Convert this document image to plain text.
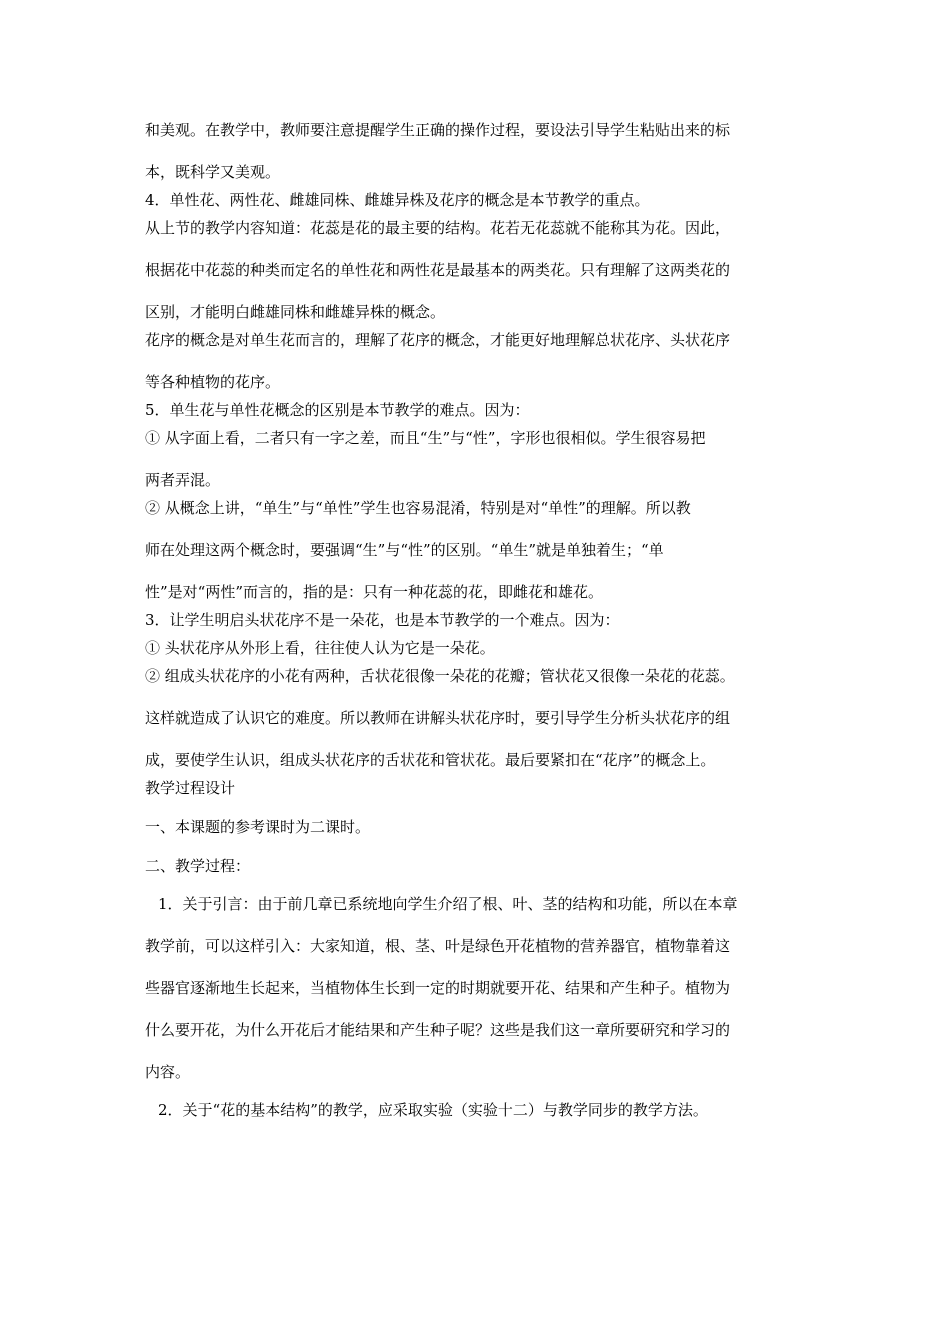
和美观。在教学中，教师要注意提醒学生正确的操作过程，要设法引导学生粘贴出来的标
本，既科学又美观。
4．单性花、两性花、雌雄同株、雌雄异株及花序的概念是本节教学的重点。
从上节的教学内容知道：花蕊是花的最主要的结构。花若无花蕊就不能称其为花。因此，
根据花中花蕊的种类而定名的单性花和两性花是最基本的两类花。只有理解了这两类花的
区别，才能明白雌雄同株和雌雄异株的概念。
花序的概念是对单生花而言的，理解了花序的概念，才能更好地理解总状花序、头状花序
等各种植物的花序。
5．单生花与单性花概念的区别是本节教学的难点。因为：
① 从字面上看，二者只有一字之差，而且“生”与“性”，字形也很相似。学生很容易把
两者弄混。
② 从概念上讲，“单生”与“单性”学生也容易混淆，特别是对“单性”的理解。所以教
师在处理这两个概念时，要强调“生”与“性”的区别。“单生”就是单独着生；“单
性”是对“两性”而言的，指的是：只有一种花蕊的花，即雌花和雄花。
3．让学生明启头状花序不是一朵花，也是本节教学的一个难点。因为：
① 头状花序从外形上看，往往使人认为它是一朵花。
② 组成头状花序的小花有两种，舌状花很像一朵花的花瓣；管状花又很像一朵花的花蕊。
这样就造成了认识它的难度。所以教师在讲解头状花序时，要引导学生分析头状花序的组
成，要使学生认识，组成头状花序的舌状花和管状花。最后要紧扣在“花序”的概念上。
教学过程设计
一、本课题的参考课时为二课时。
二、教学过程：
1．关于引言：由于前几章已系统地向学生介绍了根、叶、茎的结构和功能，所以在本章
教学前，可以这样引入：大家知道，根、茎、叶是绿色开花植物的营养器官，植物靠着这
些器官逐渐地生长起来，当植物体生长到一定的时期就要开花、结果和产生种子。植物为
什么要开花，为什么开花后才能结果和产生种子呢？这些是我们这一章所要研究和学习的
内容。
2．关于“花的基本结构”的教学，应采取实验（实验十二）与教学同步的教学方法。
